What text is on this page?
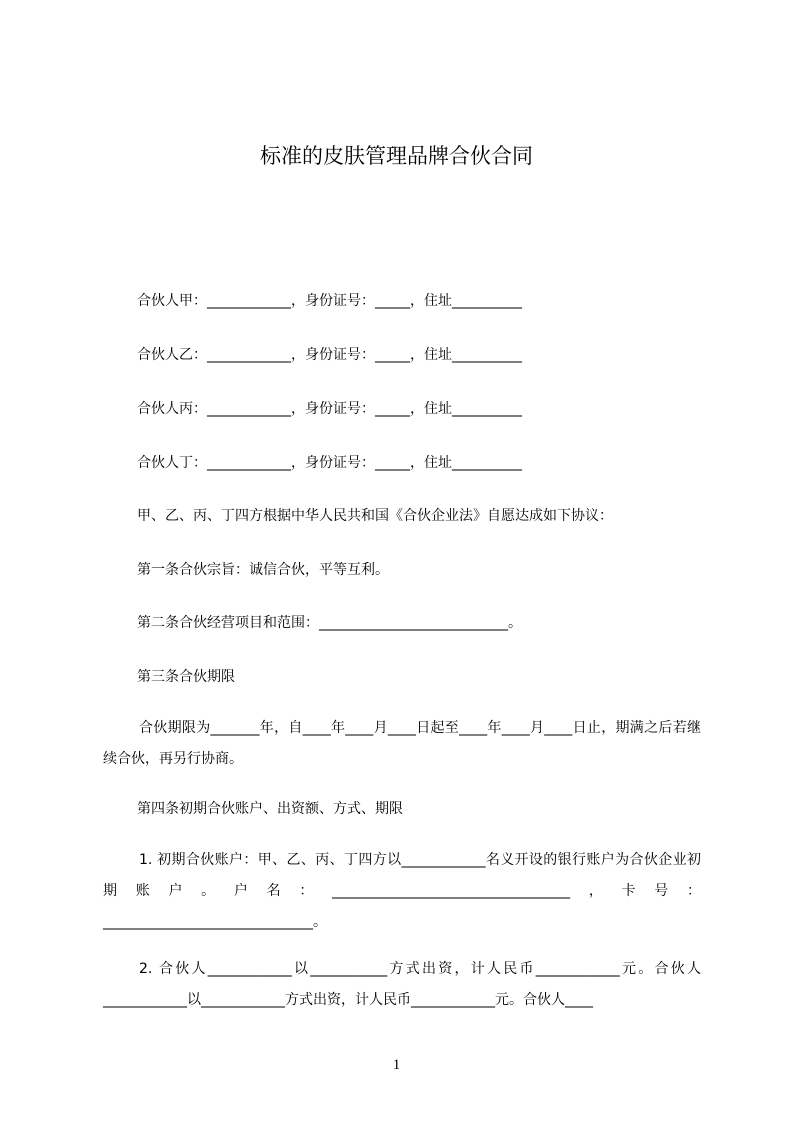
标准的皮肤管理品牌合伙合同
合伙人甲：____________，身份证号：_____，住址__________
合伙人乙：____________，身份证号：_____，住址__________
合伙人丙：____________，身份证号：_____，住址__________
合伙人丁：____________，身份证号：_____，住址__________
甲、乙、丙、丁四方根据中华人民共和国《合伙企业法》自愿达成如下协议：
第一条合伙宗旨：诚信合伙，平等互利。
第二条合伙经营项目和范围：___________________________。
第三条合伙期限
合伙期限为_______年，自____年____月____日起至____年____月____日止，期满之后若继续合伙，再另行协商。
第四条初期合伙账户、出资额、方式、期限
1. 初期合伙账户：甲、乙、丙、丁四方以____________名义开设的银行账户为合伙企业初期账户。户名：__________________________________，卡号：______________________________。
2. 合伙人____________以___________方式出资，计人民币____________元。合伙人____________以____________方式出资，计人民币____________元。合伙人____
1
